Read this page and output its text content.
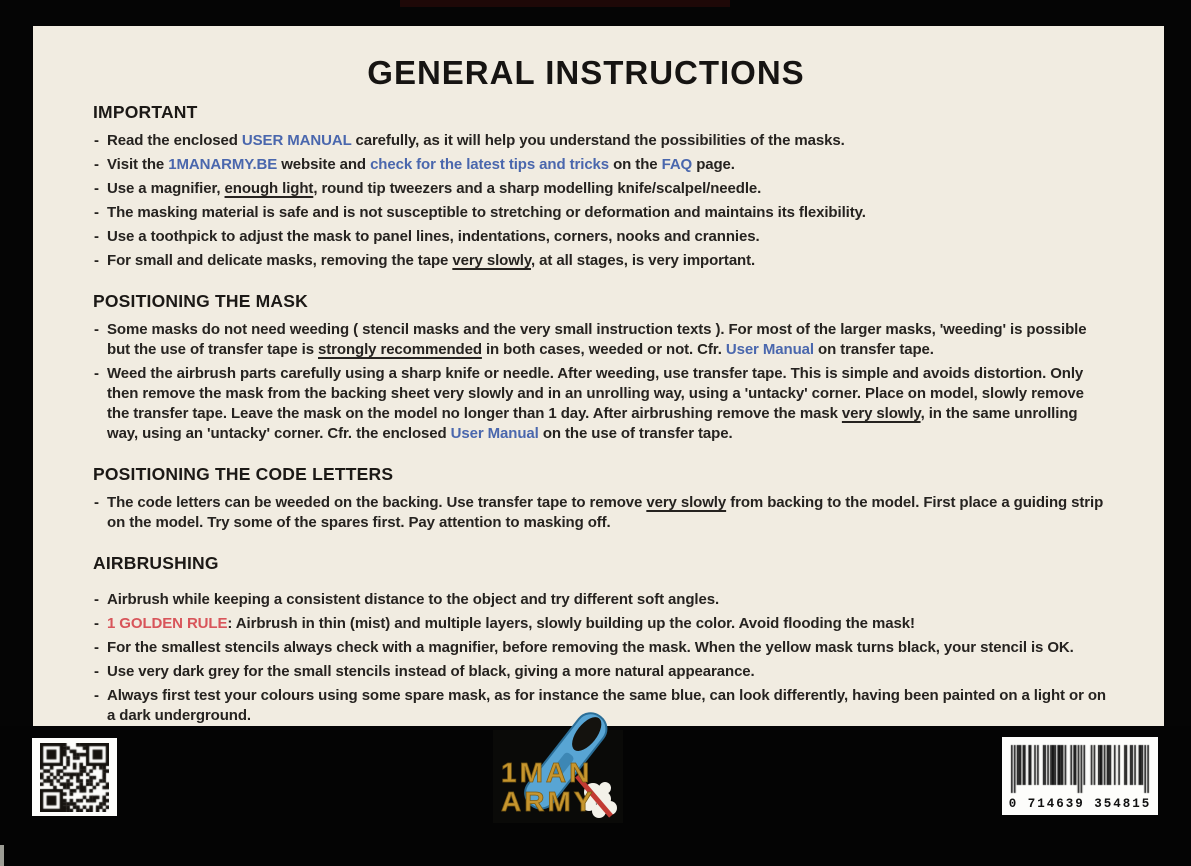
GENERAL INSTRUCTIONS
IMPORTANT
- Read the enclosed USER MANUAL carefully, as it will help you understand the possibilities of the masks.
- Visit the 1MANARMY.BE website and check for the latest tips and tricks on the FAQ page.
- Use a magnifier, enough light, round tip tweezers and a sharp modelling knife/scalpel/needle.
- The masking material is safe and is not susceptible to stretching or deformation and maintains its flexibility.
- Use a toothpick to adjust the mask to panel lines, indentations, corners, nooks and crannies.
- For small and delicate masks, removing the tape very slowly, at all stages, is very important.
POSITIONING THE MASK
- Some masks do not need weeding ( stencil masks and the very small instruction texts ). For most of the larger masks, 'weeding' is possible but the use of transfer tape is strongly recommended in both cases, weeded or not. Cfr. User Manual on transfer tape.
- Weed the airbrush parts carefully using a sharp knife or needle. After weeding, use transfer tape. This is simple and avoids distortion. Only then remove the mask from the backing sheet very slowly and in an unrolling way, using a 'untacky' corner. Place on model, slowly remove the transfer tape. Leave the mask on the model no longer than 1 day. After airbrushing remove the mask very slowly, in the same unrolling way, using an 'untacky' corner. Cfr. the enclosed User Manual on the use of transfer tape.
POSITIONING THE CODE LETTERS
- The code letters can be weeded on the backing. Use transfer tape to remove very slowly from backing to the model. First place a guiding strip on the model. Try some of the spares first. Pay attention to masking off.
AIRBRUSHING
- Airbrush while keeping a consistent distance to the object and try different soft angles.
- 1 GOLDEN RULE: Airbrush in thin (mist) and multiple layers, slowly building up the color. Avoid flooding the mask!
- For the smallest stencils always check with a magnifier, before removing the mask. When the yellow mask turns black, your stencil is OK.
- Use very dark grey for the small stencils instead of black, giving a more natural appearance.
- Always first test your colours using some spare mask, as for instance the same blue, can look differently, having been painted on a light or on a dark underground.
-
1MAN
ARMY	0 714639 354815
